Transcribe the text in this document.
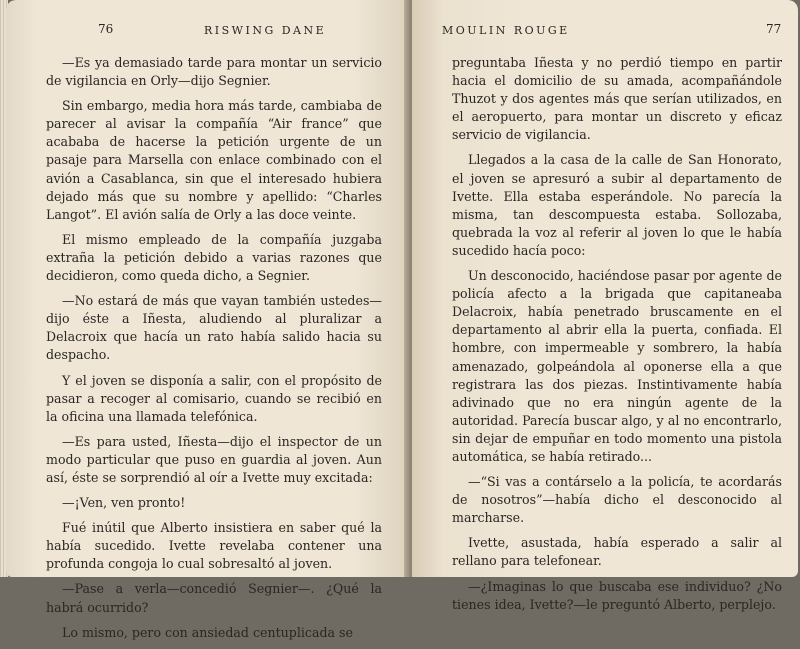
76	RISWING DANE

—Es ya demasiado tarde para montar un servicio de vigilancia en Orly—dijo Segnier.

Sin embargo, media hora más tarde, cambiaba de parecer al avisar la compañía “Air france” que acababa de hacerse la petición urgente de un pasaje para Marsella con enlace combinado con el avión a Casablanca, sin que el interesado hubiera dejado más que su nombre y apellido: “Charles Langot”. El avión salía de Orly a las doce veinte.

El mismo empleado de la compañía juzgaba extraña la petición debido a varias razones que decidieron, como queda dicho, a Segnier.

—No estará de más que vayan también ustedes—dijo éste a Iñesta, aludiendo al pluralizar a Delacroix que hacía un rato había salido hacia su despacho.

Y el joven se disponía a salir, con el propósito de pasar a recoger al comisario, cuando se recibió en la oficina una llamada telefónica.

—Es para usted, Iñesta—dijo el inspector de un modo particular que puso en guardia al joven. Aun así, éste se sorprendió al oír a Ivette muy excitada:

—¡Ven, ven pronto!

Fué inútil que Alberto insistiera en saber qué la había sucedido. Ivette revelaba contener una profunda congoja lo cual sobresaltó al joven.

—Pase a verla—concedió Segnier—. ¿Qué la habrá ocurrido?

Lo mismo, pero con ansiedad centuplicada se

MOULIN ROUGE	77

preguntaba Iñesta y no perdió tiempo en partir hacia el domicilio de su amada, acompañándole Thuzot y dos agentes más que serían utilizados, en el aeropuerto, para montar un discreto y eficaz servicio de vigilancia.

Llegados a la casa de la calle de San Honorato, el joven se apresuró a subir al departamento de Ivette. Ella estaba esperándole. No parecía la misma, tan descompuesta estaba. Sollozaba, quebrada la voz al referir al joven lo que le había sucedido hacía poco:

Un desconocido, haciéndose pasar por agente de policía afecto a la brigada que capitaneaba Delacroix, había penetrado bruscamente en el departamento al abrir ella la puerta, confiada. El hombre, con impermeable y sombrero, la había amenazado, golpeándola al oponerse ella a que registrara las dos piezas. Instintivamente había adivinado que no era ningún agente de la autoridad. Parecía buscar algo, y al no encontrarlo, sin dejar de empuñar en todo momento una pistola automática, se había retirado...

—“Si vas a contárselo a la policía, te acordarás de nosotros”—había dicho el desconocido al marcharse.

Ivette, asustada, había esperado a salir al rellano para telefonear.

—¿Imaginas lo que buscaba ese individuo? ¿No tienes idea, Ivette?—le preguntó Alberto, perplejo.
